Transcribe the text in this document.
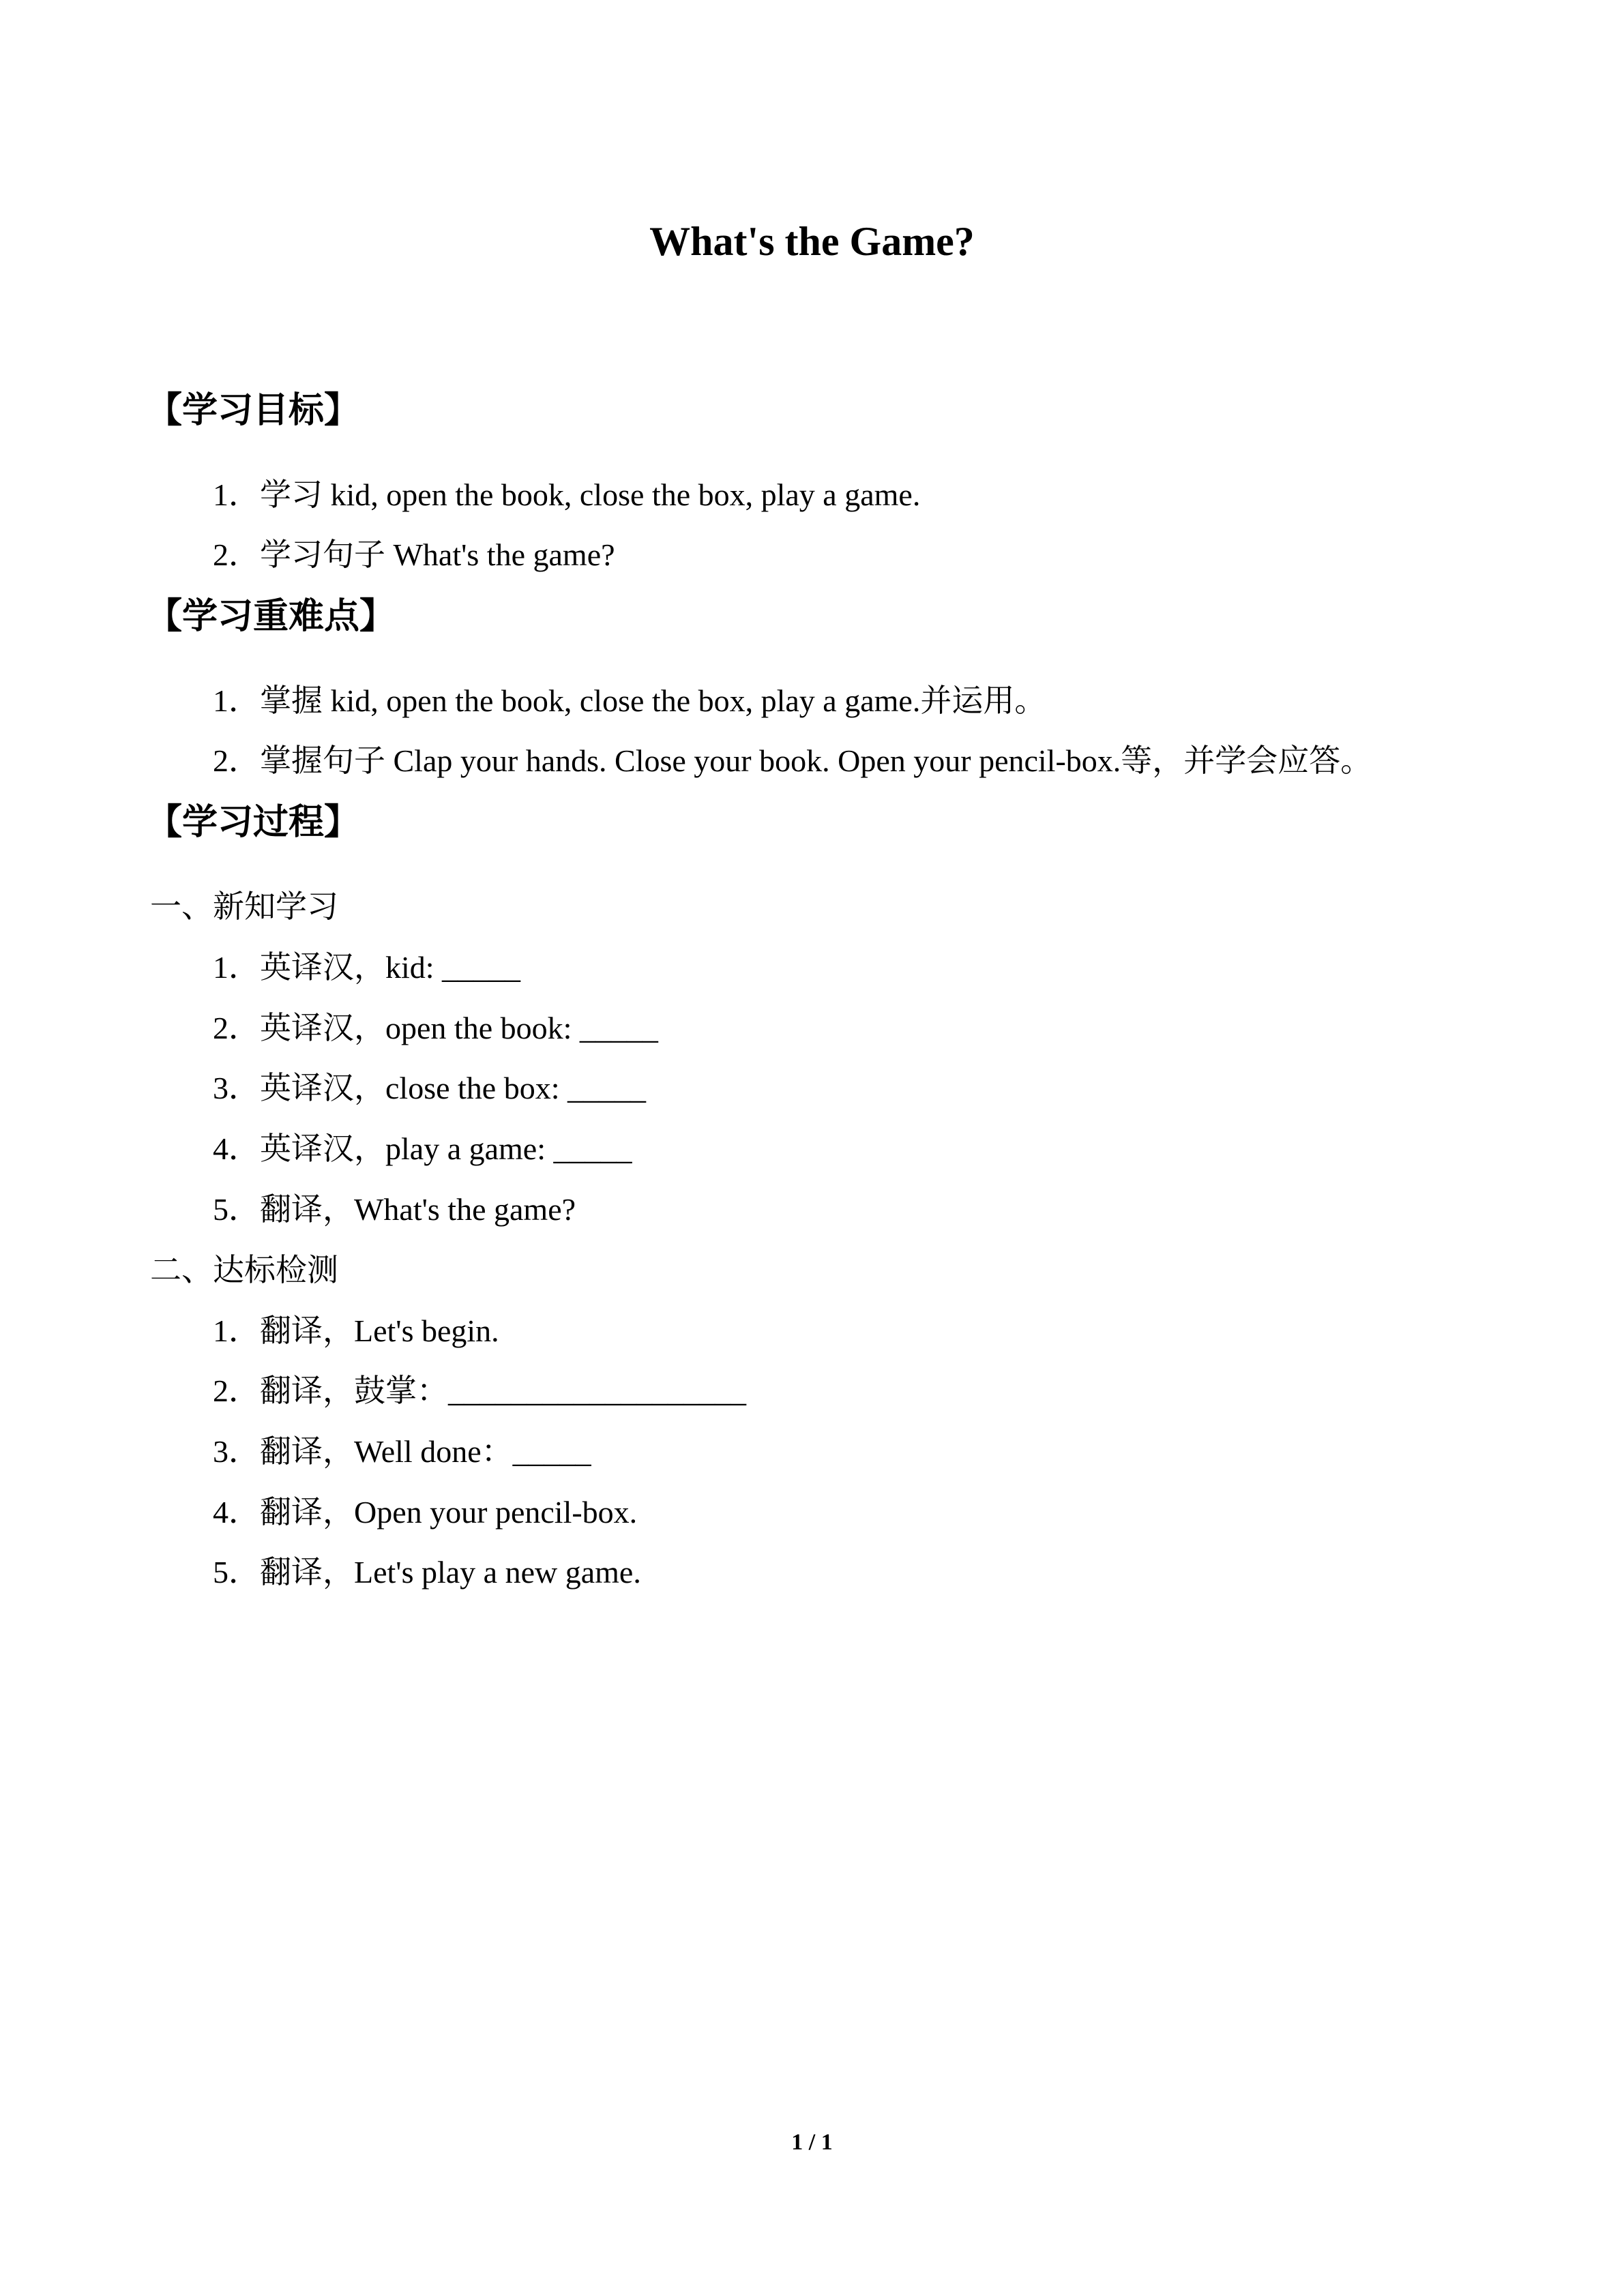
What's the Game?
【学习目标】
1．学习 kid, open the book, close the box, play a game.
2．学习句子 What's the game?
【学习重难点】
1．掌握 kid, open the book, close the box, play a game.并运用。
2．掌握句子 Clap your hands. Close your book. Open your pencil-box.等，并学会应答。
【学习过程】
一、新知学习
1．英译汉，kid: _____
2．英译汉，open the book: _____
3．英译汉，close the box: _____
4．英译汉，play a game: _____
5．翻译，What's the game?
二、达标检测
1．翻译，Let's begin.
2．翻译，鼓掌：___________________
3．翻译，Well done：_____
4．翻译，Open your pencil-box.
5．翻译，Let's play a new game.
1 / 1
